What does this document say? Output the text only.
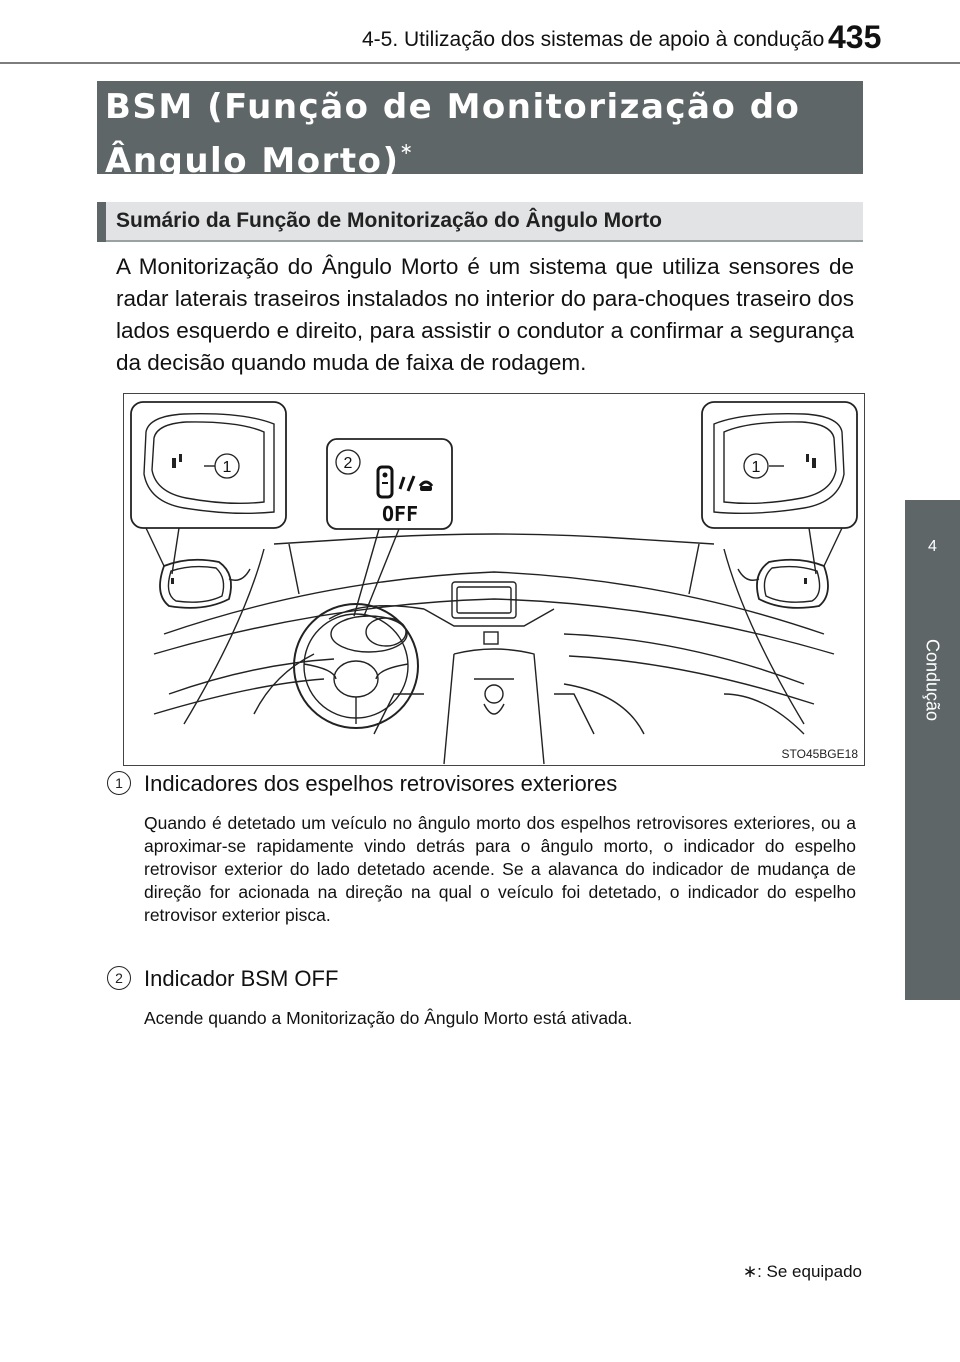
4-5. Utilização dos sistemas de apoio à condução 435
4
Condução
BSM (Função de Monitorização do Ângulo Morto)∗
Sumário da Função de Monitorização do Ângulo Morto
A Monitorização do Ângulo Morto é um sistema que utiliza sensores de radar laterais traseiros instalados no interior do para-choques traseiro dos lados esquerdo e direito, para assistir o condutor a confirmar a segurança da decisão quando muda de faixa de rodagem.
OFF
1	2	1
STO45BGE18
1 Indicadores dos espelhos retrovisores exteriores
Quando é detetado um veículo no ângulo morto dos espelhos retrovisores exteriores, ou a aproximar-se rapidamente vindo detrás para o ângulo morto, o indicador do espelho retrovisor exterior do lado detetado acende. Se a alavanca do indicador de mudança de direção for acionada na direção na qual o veículo foi detetado, o indicador do espelho retrovisor exterior pisca.
2 Indicador BSM OFF
Acende quando a Monitorização do Ângulo Morto está ativada.
∗: Se equipado
